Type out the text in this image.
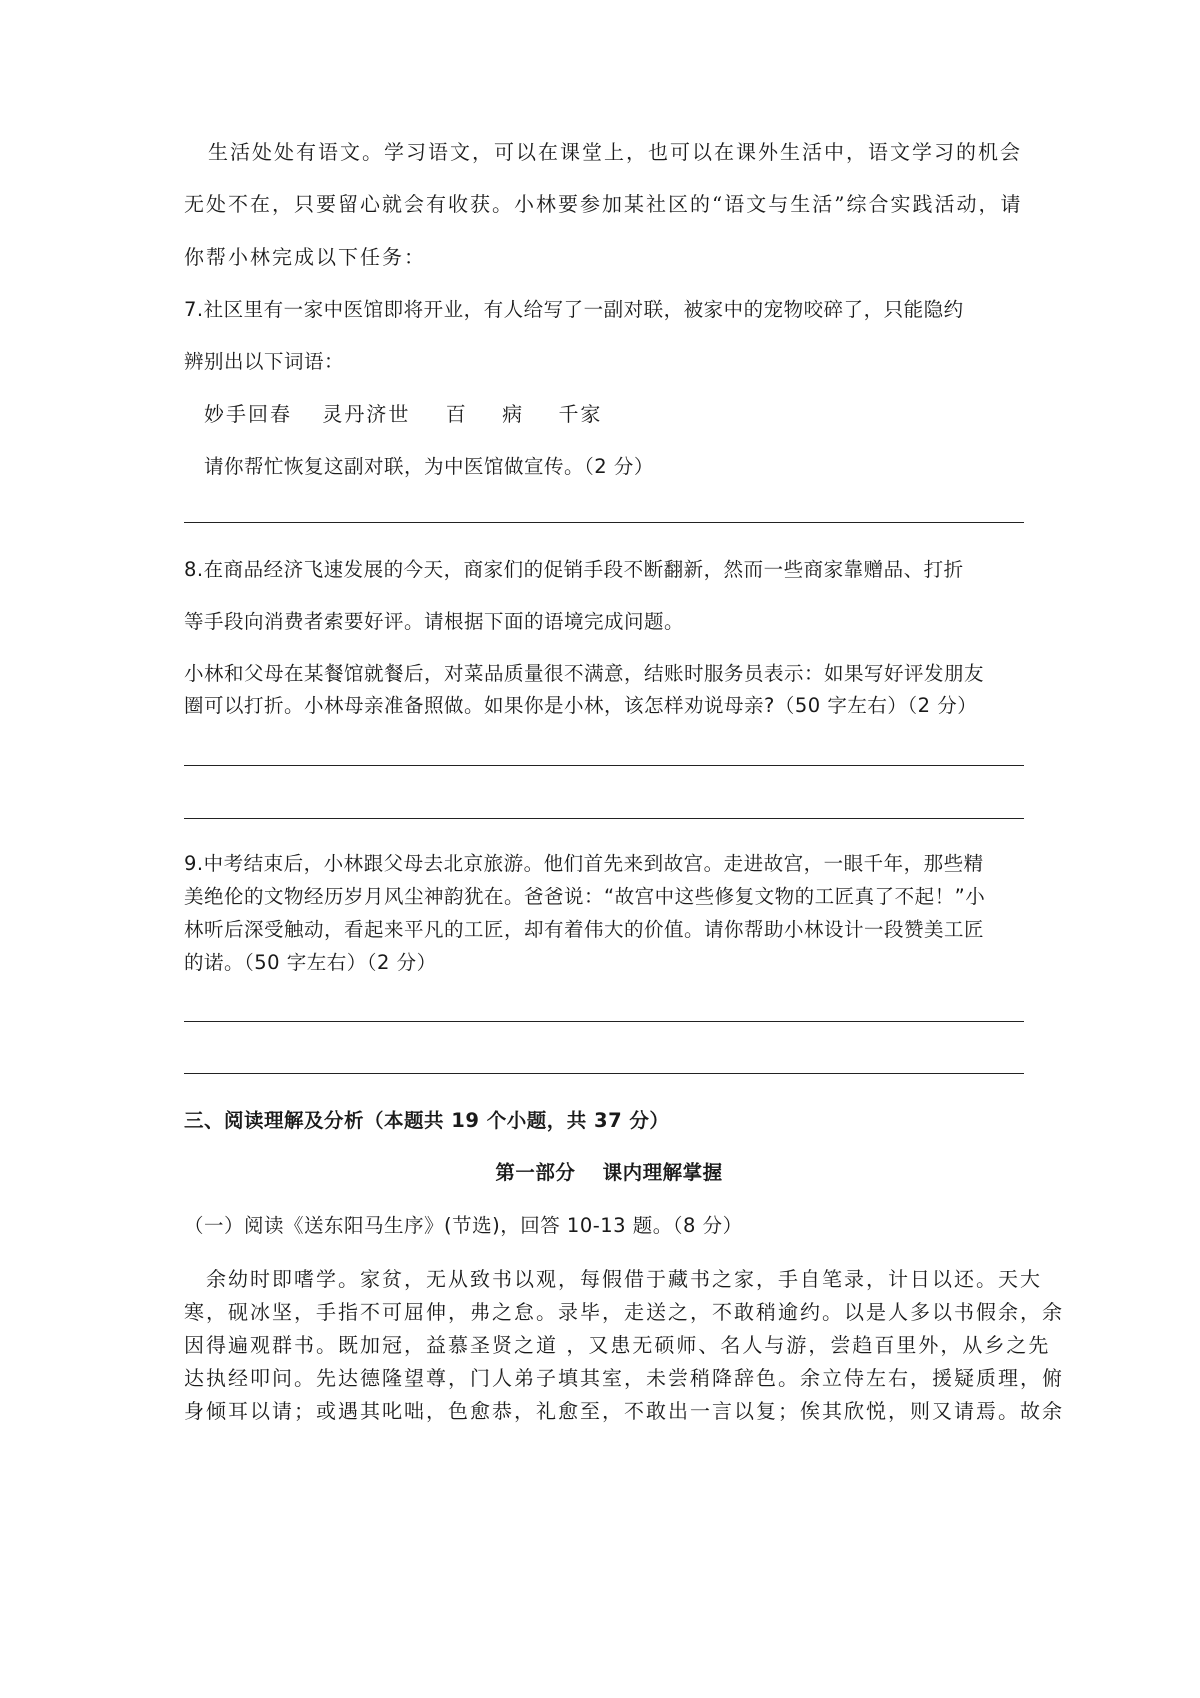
生活处处有语文。学习语文，可以在课堂上，也可以在课外生活中，语文学习的机会
无处不在，只要留心就会有收获。小林要参加某社区的“语文与生活”综合实践活动，请
你帮小林完成以下任务：
7.社区里有一家中医馆即将开业，有人给写了一副对联，被家中的宠物咬碎了，只能隐约
辨别出以下词语：
妙手回春 灵丹济世 百 病 千家
请你帮忙恢复这副对联，为中医馆做宣传。（2 分）
8.在商品经济飞速发展的今天，商家们的促销手段不断翻新，然而一些商家靠赠品、打折
等手段向消费者索要好评。请根据下面的语境完成问题。
小林和父母在某餐馆就餐后，对菜品质量很不满意，结账时服务员表示：如果写好评发朋友
圈可以打折。小林母亲准备照做。如果你是小林，该怎样劝说母亲?（50 字左右）（2 分）
9.中考结束后，小林跟父母去北京旅游。他们首先来到故宫。走进故宫，一眼千年，那些精
美绝伦的文物经历岁月风尘神韵犹在。爸爸说：“故宫中这些修复文物的工匠真了不起！”小
林听后深受触动，看起来平凡的工匠，却有着伟大的价值。请你帮助小林设计一段赞美工匠
的诺。（50 字左右）（2 分）
三、阅读理解及分析（本题共 19 个小题，共 37 分）
第一部分　 课内理解掌握
（一）阅读《送东阳马生序》(节选)，回答 10-13 题。（8 分）
余幼时即嗜学。家贫，无从致书以观，每假借于藏书之家，手自笔录，计日以还。天大
寒，砚冰坚，手指不可屈伸，弗之怠。录毕，走送之，不敢稍逾约。以是人多以书假余，余
因得遍观群书。既加冠，益慕圣贤之道 ，又患无硕师、名人与游，尝趋百里外，从乡之先
达执经叩问。先达德隆望尊，门人弟子填其室，未尝稍降辞色。余立侍左右，援疑质理，俯
身倾耳以请；或遇其叱咄，色愈恭，礼愈至，不敢出一言以复；俟其欣悦，则又请焉。故余
